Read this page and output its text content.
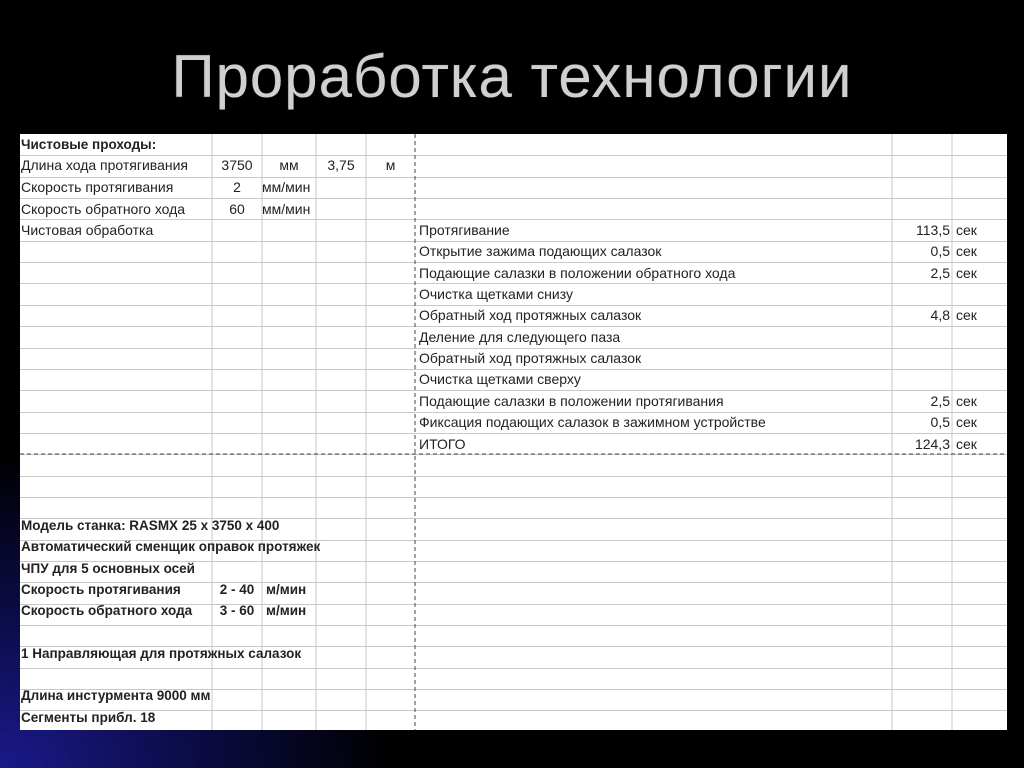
Проработка технологии
Чистовые проходы:
Длина хода протягивания	3750	мм	3,75	м
Скорость протягивания	2	мм/мин
Скорость обратного хода	60	мм/мин
Чистовая обработка	Протягивание	113,5 сек
Открытие зажима подающих салазок	0,5 сек
Подающие салазки в положении обратного хода	2,5 сек
Очистка щетками снизу
Обратный ход протяжных салазок	4,8 сек
Деление для следующего паза
Обратный ход протяжных салазок
Очистка щетками сверху
Подающие салазки в положении протягивания	2,5 сек
Фиксация подающих салазок в зажимном устройстве	0,5 сек
ИТОГО	124,3 сек
Модель станка: RASMX 25 x 3750 x 400
Автоматический сменщик оправок протяжек
ЧПУ для 5 основных осей
Скорость протягивания	2 - 40 м/мин
Скорость обратного хода	3 - 60 м/мин
1 Направляющая для протяжных салазок
Длина инстурмента 9000 мм
Сегменты прибл. 18
